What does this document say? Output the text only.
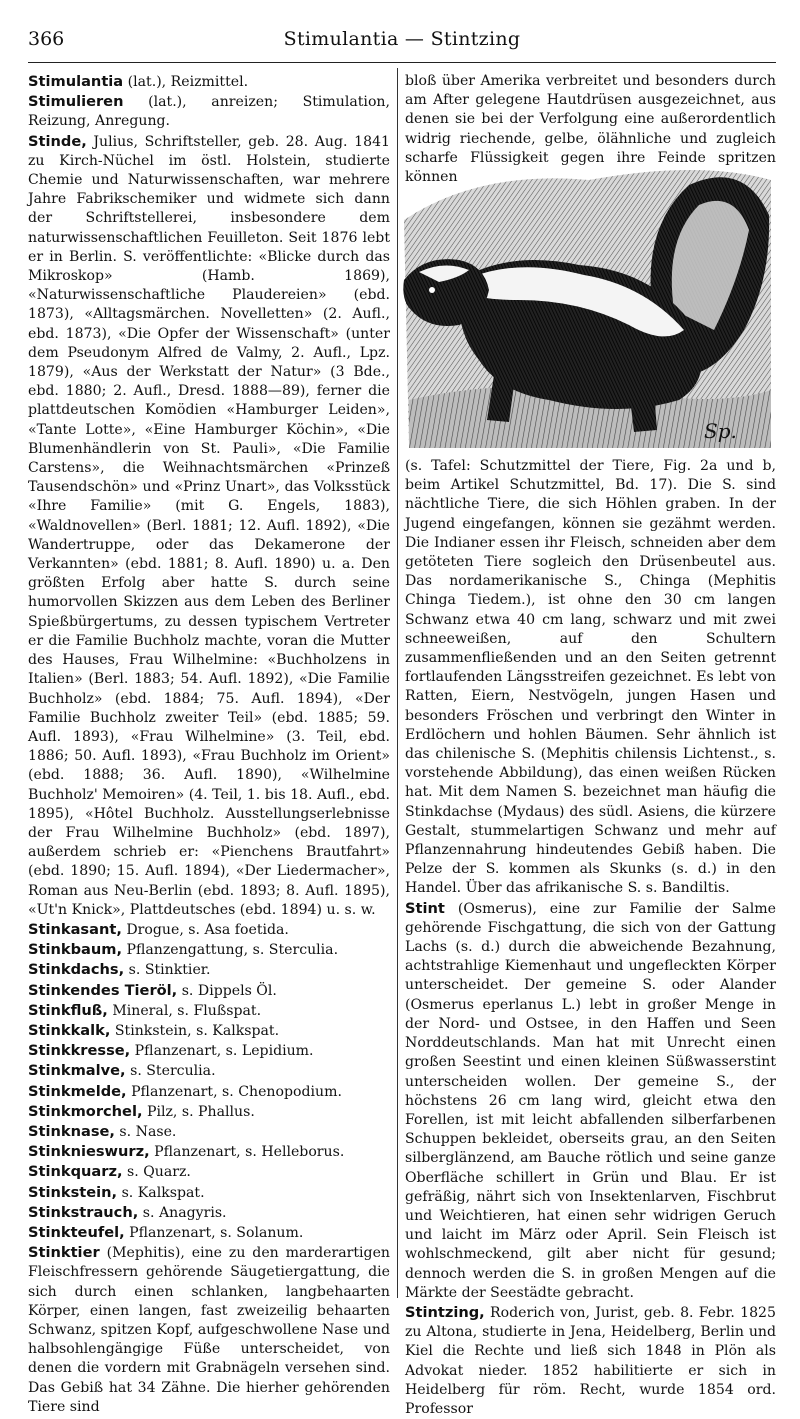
366	Stimulantia — Stintzing

Stimulantia (lat.), Reizmittel.

Stimulieren (lat.), anreizen; Stimulation, Reizung, Anregung.

Stinde, Julius, Schriftsteller, geb. 28. Aug. 1841 zu Kirch-Nüchel im östl. Holstein, studierte Chemie und Naturwissenschaften, war mehrere Jahre Fabrikschemiker und widmete sich dann der Schriftstellerei, insbesondere dem naturwissenschaftlichen Feuilleton. Seit 1876 lebt er in Berlin. S. veröffentlichte: «Blicke durch das Mikroskop» (Hamb. 1869), «Naturwissenschaftliche Plaudereien» (ebd. 1873), «Alltagsmärchen. Novelletten» (2. Aufl., ebd. 1873), «Die Opfer der Wissenschaft» (unter dem Pseudonym Alfred de Valmy, 2. Aufl., Lpz. 1879), «Aus der Werkstatt der Natur» (3 Bde., ebd. 1880; 2. Aufl., Dresd. 1888—89), ferner die plattdeutschen Komödien «Hamburger Leiden», «Tante Lotte», «Eine Hamburger Köchin», «Die Blumenhändlerin von St. Pauli», «Die Familie Carstens», die Weihnachtsmärchen «Prinzeß Tausendschön» und «Prinz Unart», das Volksstück «Ihre Familie» (mit G. Engels, 1883), «Waldnovellen» (Berl. 1881; 12. Aufl. 1892), «Die Wandertruppe, oder das Dekamerone der Verkannten» (ebd. 1881; 8. Aufl. 1890) u. a. Den größten Erfolg aber hatte S. durch seine humorvollen Skizzen aus dem Leben des Berliner Spießbürgertums, zu dessen typischem Vertreter er die Familie Buchholz machte, voran die Mutter des Hauses, Frau Wilhelmine: «Buchholzens in Italien» (Berl. 1883; 54. Aufl. 1892), «Die Familie Buchholz» (ebd. 1884; 75. Aufl. 1894), «Der Familie Buchholz zweiter Teil» (ebd. 1885; 59. Aufl. 1893), «Frau Wilhelmine» (3. Teil, ebd. 1886; 50. Aufl. 1893), «Frau Buchholz im Orient» (ebd. 1888; 36. Aufl. 1890), «Wilhelmine Buchholz' Memoiren» (4. Teil, 1. bis 18. Aufl., ebd. 1895), «Hôtel Buchholz. Ausstellungserlebnisse der Frau Wilhelmine Buchholz» (ebd. 1897), außerdem schrieb er: «Pienchens Brautfahrt» (ebd. 1890; 15. Aufl. 1894), «Der Liedermacher», Roman aus Neu-Berlin (ebd. 1893; 8. Aufl. 1895), «Ut'n Knick», Plattdeutsches (ebd. 1894) u. s. w.

Stinkasant, Drogue, s. Asa foetida.

Stinkbaum, Pflanzengattung, s. Sterculia.

Stinkdachs, s. Stinktier.

Stinkendes Tieröl, s. Dippels Öl.

Stinkfluß, Mineral, s. Flußspat.

Stinkkalk, Stinkstein, s. Kalkspat.

Stinkkresse, Pflanzenart, s. Lepidium.

Stinkmalve, s. Sterculia.

Stinkmelde, Pflanzenart, s. Chenopodium.

Stinkmorchel, Pilz, s. Phallus.

Stinknase, s. Nase.

Stinknieswurz, Pflanzenart, s. Helleborus.

Stinkquarz, s. Quarz.

Stinkstein, s. Kalkspat.

Stinkstrauch, s. Anagyris.

Stinkteufel, Pflanzenart, s. Solanum.

Stinktier (Mephitis), eine zu den marderartigen Fleischfressern gehörende Säugetiergattung, die sich durch einen schlanken, langbehaarten Körper, einen langen, fast zweizeilig behaarten Schwanz, spitzen Kopf, aufgeschwollene Nase und halbsohlengängige Füße unterscheidet, von denen die vordern mit Grabnägeln versehen sind. Das Gebiß hat 34 Zähne. Die hierher gehörenden Tiere sind

bloß über Amerika verbreitet und besonders durch am After gelegene Hautdrüsen ausgezeichnet, aus denen sie bei der Verfolgung eine außerordentlich widrig riechende, gelbe, ölähnliche und zugleich scharfe Flüssigkeit gegen ihre Feinde spritzen können

Sp.

(s. Tafel: Schutzmittel der Tiere, Fig. 2a und b, beim Artikel Schutzmittel, Bd. 17). Die S. sind nächtliche Tiere, die sich Höhlen graben. In der Jugend eingefangen, können sie gezähmt werden. Die Indianer essen ihr Fleisch, schneiden aber dem getöteten Tiere sogleich den Drüsenbeutel aus. Das nordamerikanische S., Chinga (Mephitis Chinga Tiedem.), ist ohne den 30 cm langen Schwanz etwa 40 cm lang, schwarz und mit zwei schneeweißen, auf den Schultern zusammenfließenden und an den Seiten getrennt fortlaufenden Längsstreifen gezeichnet. Es lebt von Ratten, Eiern, Nestvögeln, jungen Hasen und besonders Fröschen und verbringt den Winter in Erdlöchern und hohlen Bäumen. Sehr ähnlich ist das chilenische S. (Mephitis chilensis Lichtenst., s. vorstehende Abbildung), das einen weißen Rücken hat. Mit dem Namen S. bezeichnet man häufig die Stinkdachse (Mydaus) des südl. Asiens, die kürzere Gestalt, stummelartigen Schwanz und mehr auf Pflanzennahrung hindeutendes Gebiß haben. Die Pelze der S. kommen als Skunks (s. d.) in den Handel. Über das afrikanische S. s. Bandiltis.

Stint (Osmerus), eine zur Familie der Salme gehörende Fischgattung, die sich von der Gattung Lachs (s. d.) durch die abweichende Bezahnung, achtstrahlige Kiemenhaut und ungefleckten Körper unterscheidet. Der gemeine S. oder Alander (Osmerus eperlanus L.) lebt in großer Menge in der Nord- und Ostsee, in den Haffen und Seen Norddeutschlands. Man hat mit Unrecht einen großen Seestint und einen kleinen Süßwasserstint unterscheiden wollen. Der gemeine S., der höchstens 26 cm lang wird, gleicht etwa den Forellen, ist mit leicht abfallenden silberfarbenen Schuppen bekleidet, oberseits grau, an den Seiten silberglänzend, am Bauche rötlich und seine ganze Oberfläche schillert in Grün und Blau. Er ist gefräßig, nährt sich von Insektenlarven, Fischbrut und Weichtieren, hat einen sehr widrigen Geruch und laicht im März oder April. Sein Fleisch ist wohlschmeckend, gilt aber nicht für gesund; dennoch werden die S. in großen Mengen auf die Märkte der Seestädte gebracht.

Stintzing, Roderich von, Jurist, geb. 8. Febr. 1825 zu Altona, studierte in Jena, Heidelberg, Berlin und Kiel die Rechte und ließ sich 1848 in Plön als Advokat nieder. 1852 habilitierte er sich in Heidelberg für röm. Recht, wurde 1854 ord. Professor
